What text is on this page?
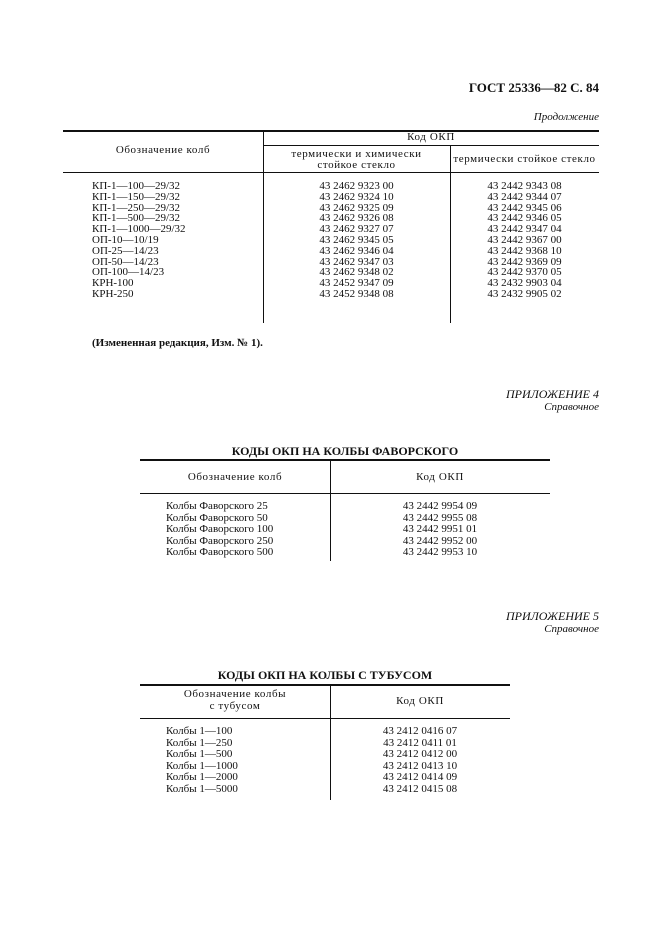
ГОСТ 25336—82 С. 84
Продолжение
Обозначение колб
Код ОКП
термически и химически
стойкое стекло	термически стойкое стекло
КП-1—100—29/32	43 2462 9323 00	43 2442 9343 08
КП-1—150—29/32	43 2462 9324 10	43 2442 9344 07
КП-1—250—29/32	43 2462 9325 09	43 2442 9345 06
КП-1—500—29/32	43 2462 9326 08	43 2442 9346 05
КП-1—1000—29/32	43 2462 9327 07	43 2442 9347 04
ОП-10—10/19	43 2462 9345 05	43 2442 9367 00
ОП-25—14/23	43 2462 9346 04	43 2442 9368 10
ОП-50—14/23	43 2462 9347 03	43 2442 9369 09
ОП-100—14/23	43 2462 9348 02	43 2442 9370 05
КРН-100	43 2452 9347 09	43 2432 9903 04
КРН-250	43 2452 9348 08	43 2432 9905 02
(Измененная редакция, Изм. № 1).
ПРИЛОЖЕНИЕ 4
Справочное
КОДЫ ОКП НА КОЛБЫ ФАВОРСКОГО
Обозначение колб	Код ОКП
Колбы Фаворского 25	43 2442 9954 09
Колбы Фаворского 50	43 2442 9955 08
Колбы Фаворского 100	43 2442 9951 01
Колбы Фаворского 250	43 2442 9952 00
Колбы Фаворского 500	43 2442 9953 10
ПРИЛОЖЕНИЕ 5
Справочное
КОДЫ ОКП НА КОЛБЫ С ТУБУСОМ
Обозначение колбы
с тубусом	Код ОКП
Колбы 1—100	43 2412 0416 07
Колбы 1—250	43 2412 0411 01
Колбы 1—500	43 2412 0412 00
Колбы 1—1000	43 2412 0413 10
Колбы 1—2000	43 2412 0414 09
Колбы 1—5000	43 2412 0415 08
